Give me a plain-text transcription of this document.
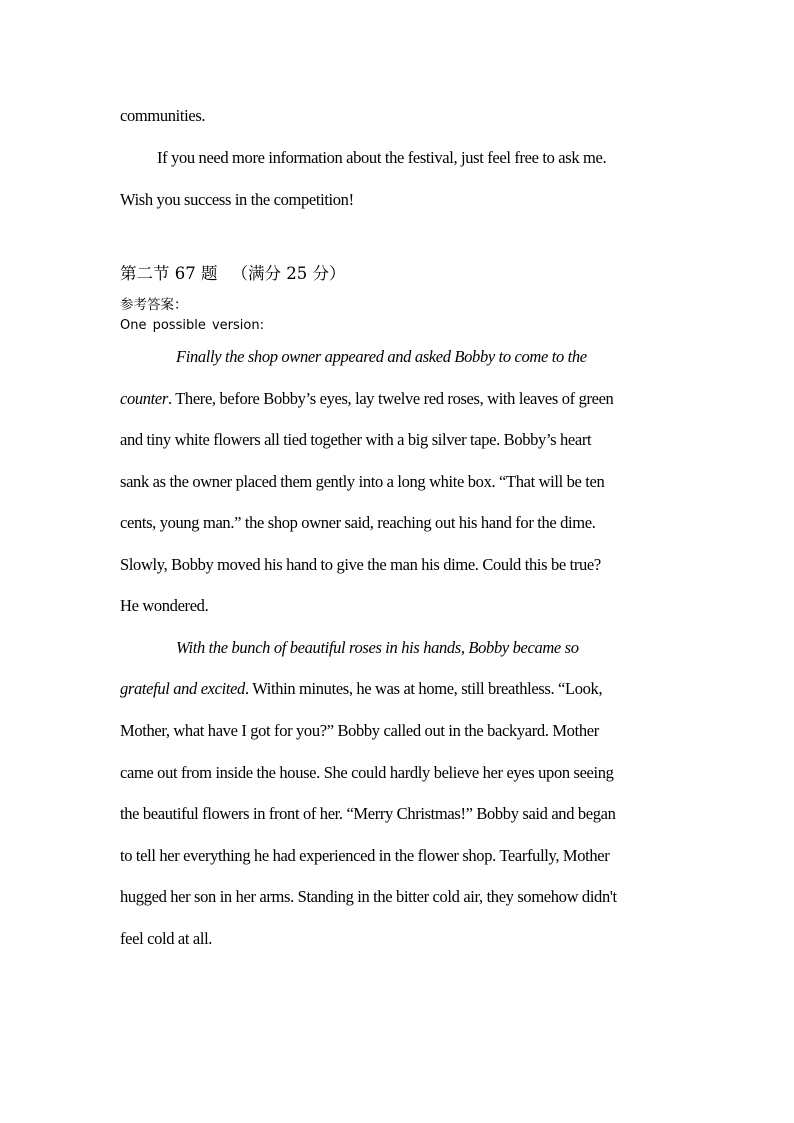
communities.
If you need more information about the festival, just feel free to ask me.
Wish you success in the competition!
第二节 67 题 （满分 25 分）
参考答案：
One possible version:
Finally the shop owner appeared and asked Bobby to come to the
counter. There, before Bobby’s eyes, lay twelve red roses, with leaves of green
and tiny white flowers all tied together with a big silver tape. Bobby’s heart
sank as the owner placed them gently into a long white box. “That will be ten
cents, young man.” the shop owner said, reaching out his hand for the dime.
Slowly, Bobby moved his hand to give the man his dime. Could this be true?
He wondered.
With the bunch of beautiful roses in his hands, Bobby became so
grateful and excited. Within minutes, he was at home, still breathless. “Look,
Mother, what have I got for you?” Bobby called out in the backyard. Mother
came out from inside the house. She could hardly believe her eyes upon seeing
the beautiful flowers in front of her. “Merry Christmas!” Bobby said and began
to tell her everything he had experienced in the flower shop. Tearfully, Mother
hugged her son in her arms. Standing in the bitter cold air, they somehow didn't
feel cold at all.
